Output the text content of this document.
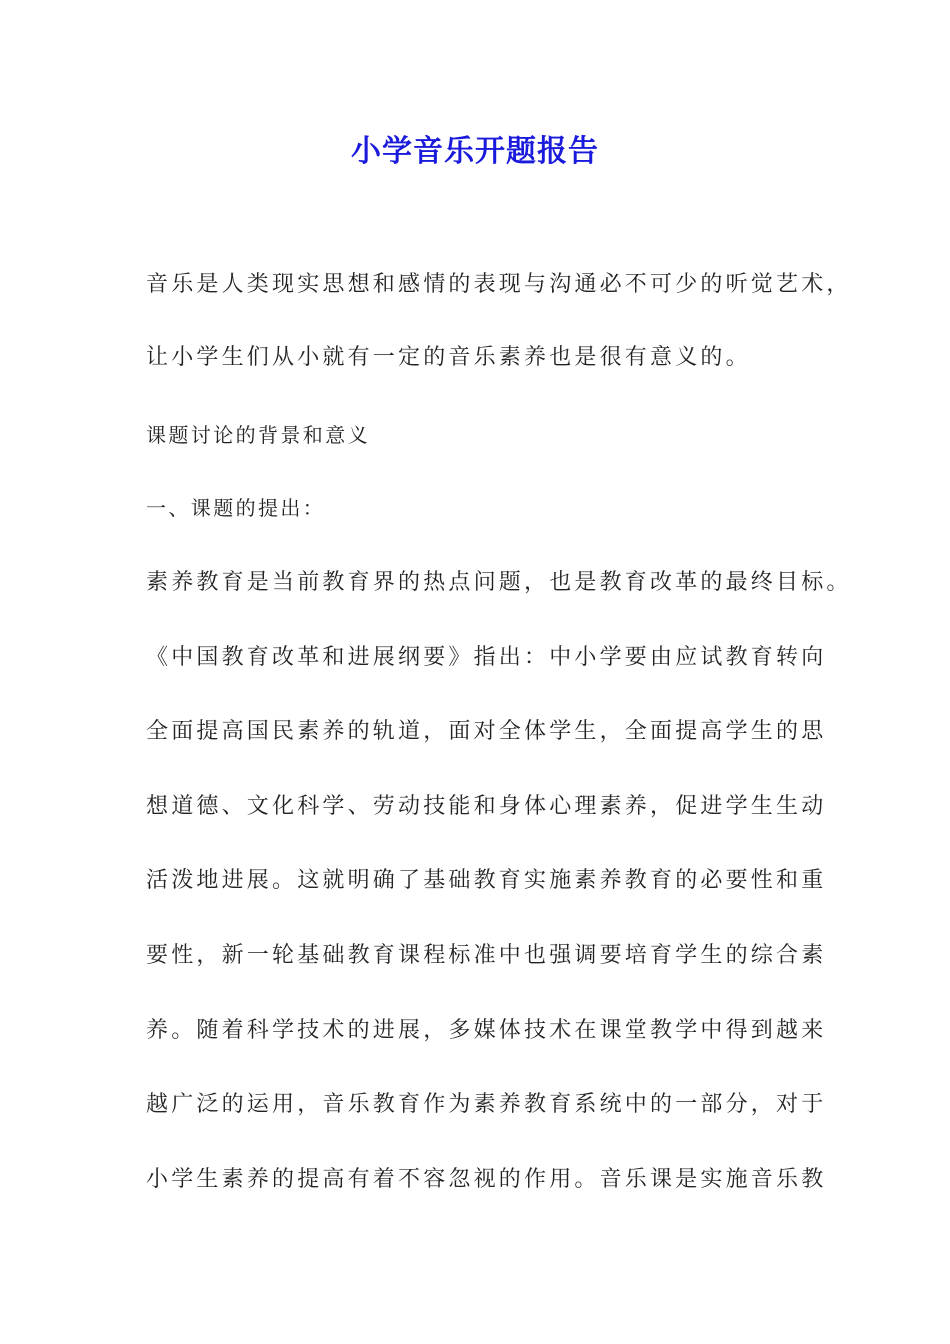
小学音乐开题报告
音乐是人类现实思想和感情的表现与沟通必不可少的听觉艺术，
让小学生们从小就有一定的音乐素养也是很有意义的。
课题讨论的背景和意义
一、课题的提出：
素养教育是当前教育界的热点问题，也是教育改革的最终目标。
《中国教育改革和进展纲要》指出：中小学要由应试教育转向
全面提高国民素养的轨道，面对全体学生，全面提高学生的思
想道德、文化科学、劳动技能和身体心理素养，促进学生生动
活泼地进展。这就明确了基础教育实施素养教育的必要性和重
要性，新一轮基础教育课程标准中也强调要培育学生的综合素
养。随着科学技术的进展，多媒体技术在课堂教学中得到越来
越广泛的运用，音乐教育作为素养教育系统中的一部分，对于
小学生素养的提高有着不容忽视的作用。音乐课是实施音乐教
